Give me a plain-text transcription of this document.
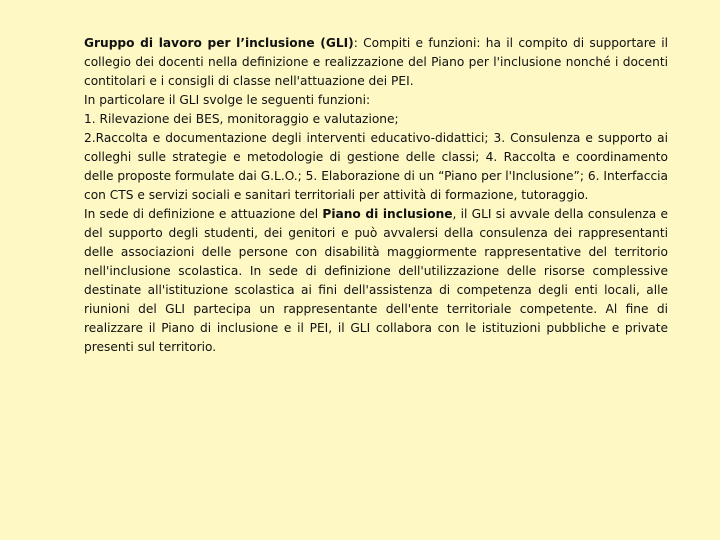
Gruppo di lavoro per l’inclusione (GLI): Compiti e funzioni: ha il compito di supportare il collegio dei docenti nella definizione e realizzazione del Piano per l'inclusione nonché i docenti contitolari e i consigli di classe nell'attuazione dei PEI.

In particolare il GLI svolge le seguenti funzioni:

1. Rilevazione dei BES, monitoraggio e valutazione;

2.Raccolta e documentazione degli interventi educativo-didattici; 3. Consulenza e supporto ai colleghi sulle strategie e metodologie di gestione delle classi; 4. Raccolta e coordinamento delle proposte formulate dai G.L.O.; 5. Elaborazione di un “Piano per l'Inclusione”; 6. Interfaccia con CTS e servizi sociali e sanitari territoriali per attività di formazione, tutoraggio.

In sede di definizione e attuazione del Piano di inclusione, il GLI si avvale della consulenza e del supporto degli studenti, dei genitori e può avvalersi della consulenza dei rappresentanti delle associazioni delle persone con disabilità maggiormente rappresentative del territorio nell'inclusione scolastica. In sede di definizione dell'utilizzazione delle risorse complessive destinate all'istituzione scolastica ai fini dell'assistenza di competenza degli enti locali, alle riunioni del GLI partecipa un rappresentante dell'ente territoriale competente. Al fine di realizzare il Piano di inclusione e il PEI, il GLI collabora con le istituzioni pubbliche e private presenti sul territorio.
